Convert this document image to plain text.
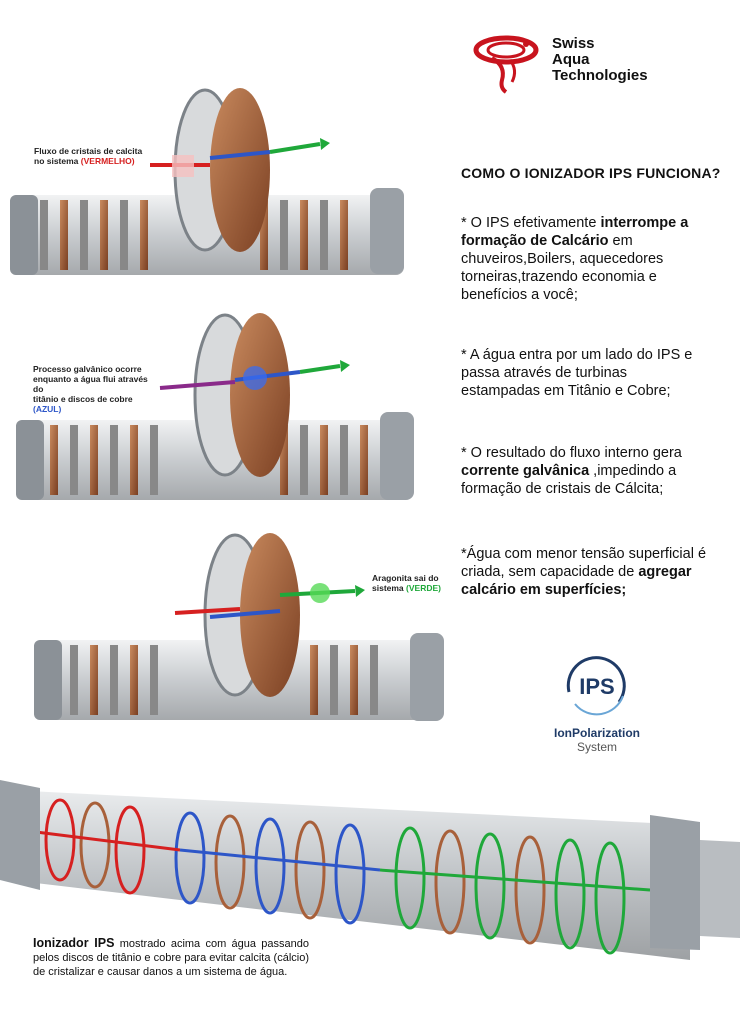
Swiss
Aqua
Technologies
COMO O IONIZADOR IPS FUNCIONA?
* O IPS efetivamente interrompe a formação de Calcário em chuveiros,Boilers, aquecedores torneiras,trazendo economia e benefícios a você;
* A água entra por um lado do IPS e passa através de turbinas estampadas em Titânio e Cobre;
* O resultado do fluxo interno gera corrente galvânica ,impedindo a formação de cristais de Cálcita;
*Água com menor tensão superficial é criada, sem capacidade de agregar calcário em superfícies;
Fluxo de cristais de calcita
no sistema (VERMELHO)
Processo galvânico ocorre
enquanto a água flui através do
titânio e discos de cobre (AZUL)
Aragonita sai do
sistema (VERDE)
IPS
IonPolarization
System
Ionizador IPS mostrado acima com água passando pelos discos de titânio e cobre para evitar calcita (cálcio) de cristalizar e causar danos a um sistema de água.
